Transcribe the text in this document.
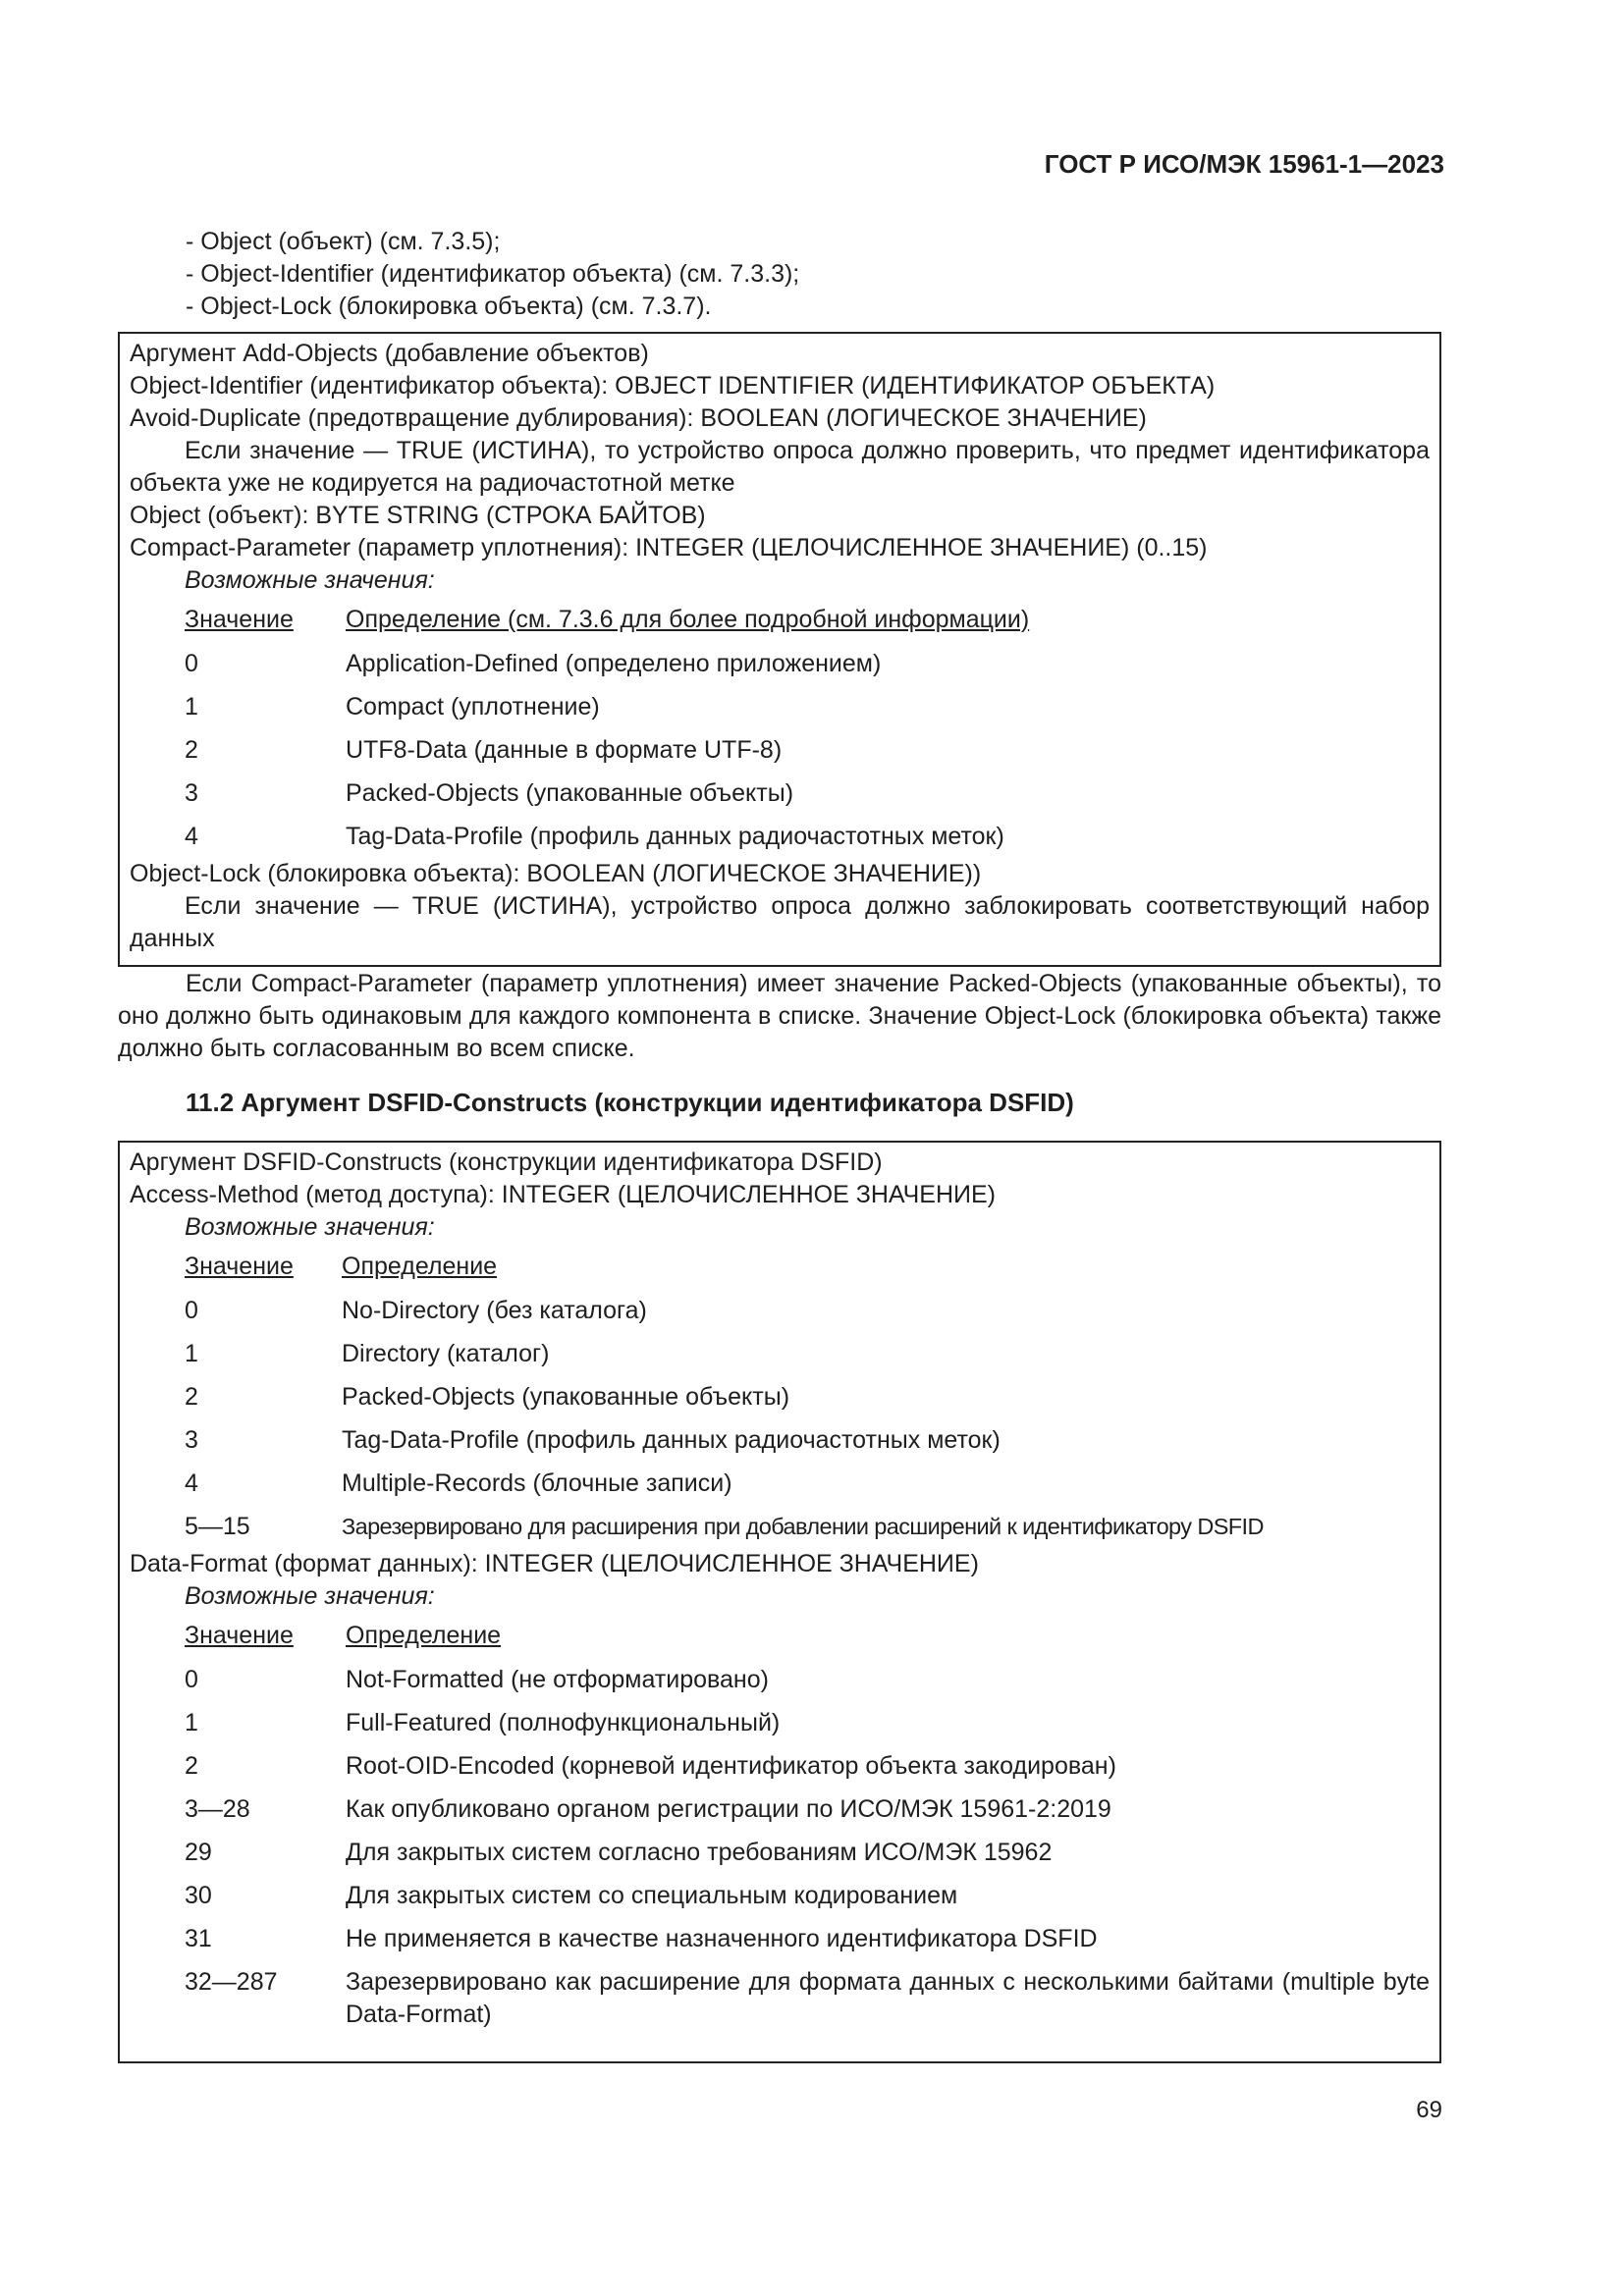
ГОСТ Р ИСО/МЭК 15961-1—2023
- Object (объект) (см. 7.3.5);
- Object-Identifier (идентификатор объекта) (см. 7.3.3);
- Object-Lock (блокировка объекта) (см. 7.3.7).
Аргумент Add-Objects (добавление объектов)
Object-Identifier (идентификатор объекта): OBJECT IDENTIFIER (ИДЕНТИФИКАТОР ОБЪЕКТА)
Avoid-Duplicate (предотвращение дублирования): BOOLEAN (ЛОГИЧЕСКОЕ ЗНАЧЕНИЕ)
Если значение — TRUE (ИСТИНА), то устройство опроса должно проверить, что предмет идентификатора объекта уже не кодируется на радиочастотной метке
Object (объект): BYTE STRING (СТРОКА БАЙТОВ)
Compact-Parameter (параметр уплотнения): INTEGER (ЦЕЛОЧИСЛЕННОЕ ЗНАЧЕНИЕ) (0..15)
Возможные значения:
Значение	Определение (см. 7.3.6 для более подробной информации)
0	Application-Defined (определено приложением)
1	Compact (уплотнение)
2	UTF8-Data (данные в формате UTF-8)
3	Packed-Objects (упакованные объекты)
4	Tag-Data-Profile (профиль данных радиочастотных меток)
Object-Lock (блокировка объекта): BOOLEAN (ЛОГИЧЕСКОЕ ЗНАЧЕНИЕ))
Если значение — TRUE (ИСТИНА), устройство опроса должно заблокировать соответствующий набор данных
Если Compact-Parameter (параметр уплотнения) имеет значение Packed-Objects (упакованные объекты), то оно должно быть одинаковым для каждого компонента в списке. Значение Object-Lock (блокировка объекта) также должно быть согласованным во всем списке.
11.2 Аргумент DSFID-Constructs (конструкции идентификатора DSFID)
Аргумент DSFID-Constructs (конструкции идентификатора DSFID)
Access-Method (метод доступа): INTEGER (ЦЕЛОЧИСЛЕННОЕ ЗНАЧЕНИЕ)
Возможные значения:
Значение	Определение
0	No-Directory (без каталога)
1	Directory (каталог)
2	Packed-Objects (упакованные объекты)
3	Tag-Data-Profile (профиль данных радиочастотных меток)
4	Multiple-Records (блочные записи)
5—15	Зарезервировано для расширения при добавлении расширений к идентификатору DSFID
Data-Format (формат данных): INTEGER (ЦЕЛОЧИСЛЕННОЕ ЗНАЧЕНИЕ)
Возможные значения:
Значение	Определение
0	Not-Formatted (не отформатировано)
1	Full-Featured (полнофункциональный)
2	Root-OID-Encoded (корневой идентификатор объекта закодирован)
3—28	Как опубликовано органом регистрации по ИСО/МЭК 15961-2:2019
29	Для закрытых систем согласно требованиям ИСО/МЭК 15962
30	Для закрытых систем со специальным кодированием
31	Не применяется в качестве назначенного идентификатора DSFID
32—287	Зарезервировано как расширение для формата данных с несколькими байтами (multiple byte Data-Format)
69
